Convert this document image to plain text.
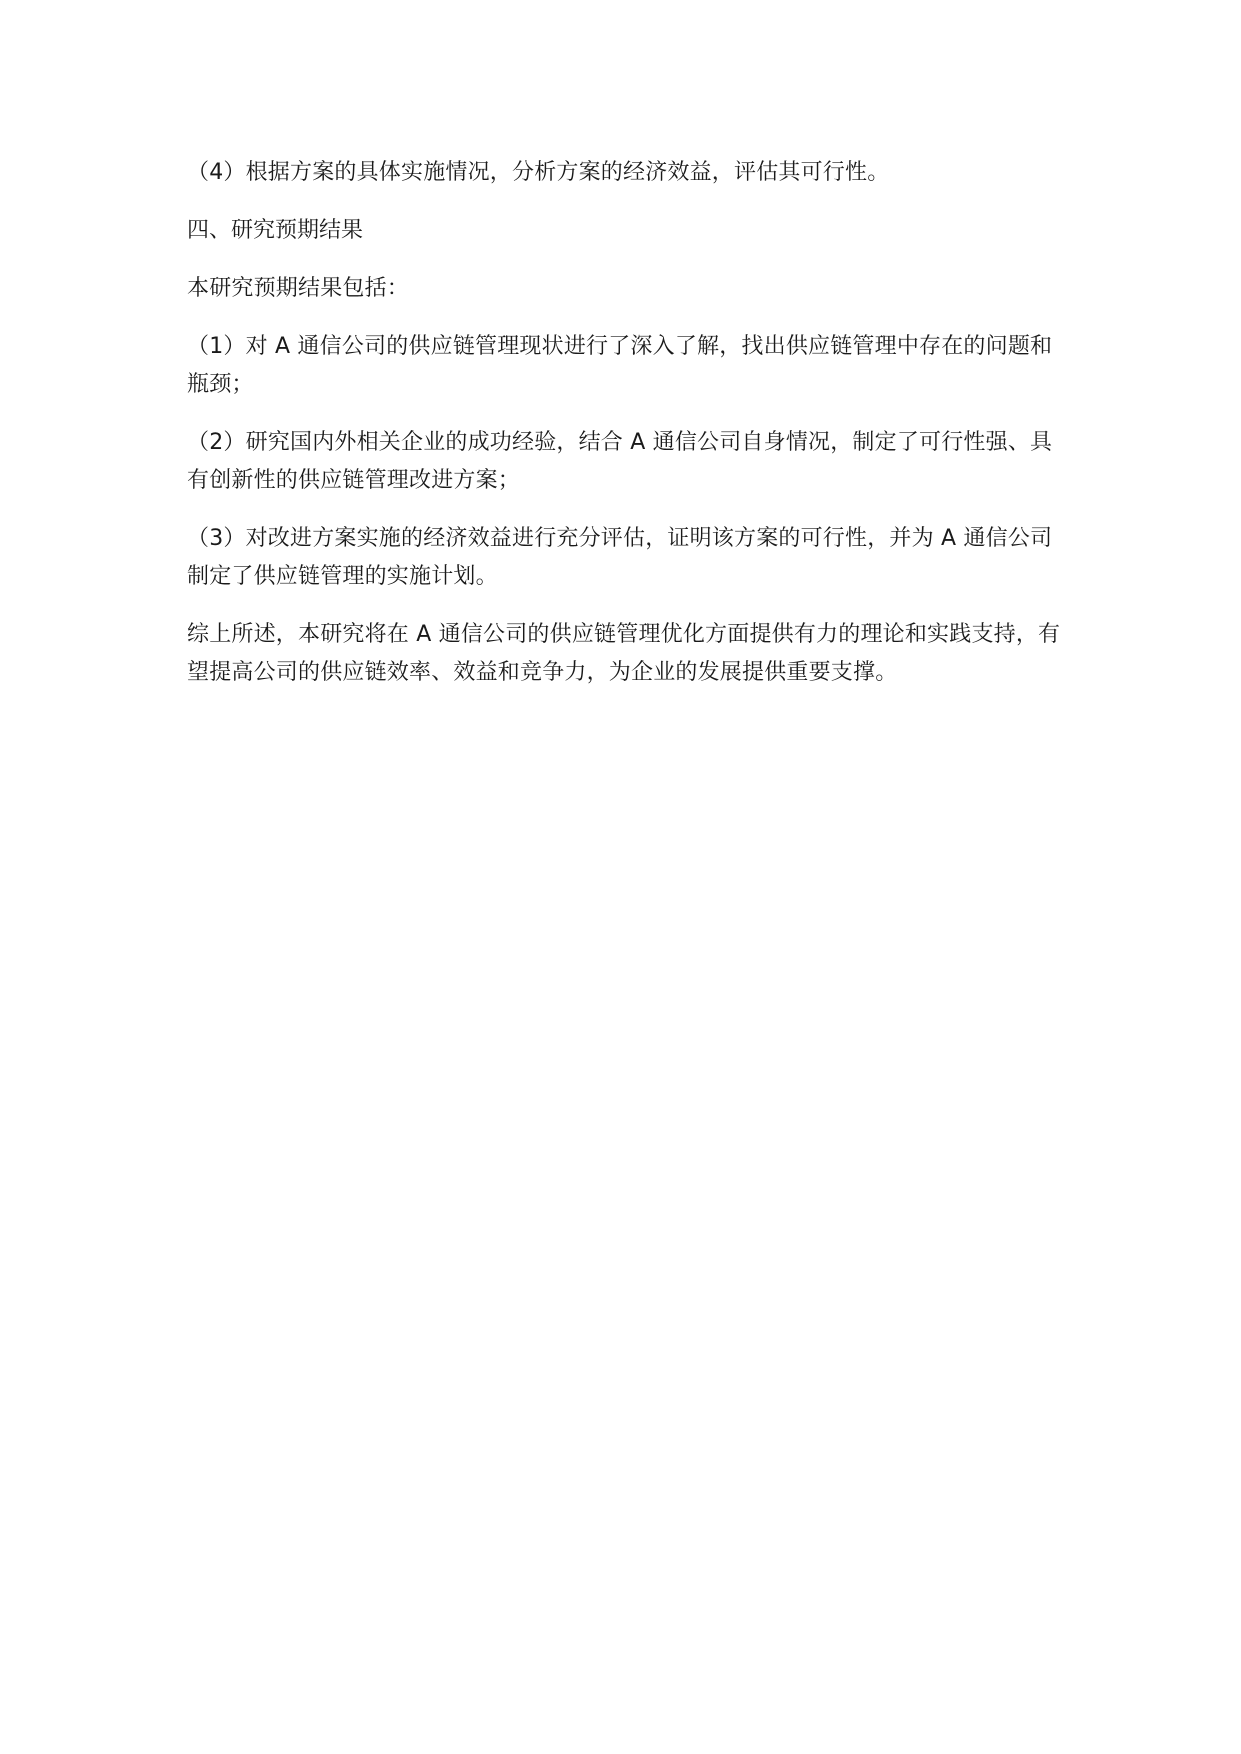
（4）根据方案的具体实施情况，分析方案的经济效益，评估其可行性。

四、研究预期结果

本研究预期结果包括：

（1）对 A 通信公司的供应链管理现状进行了深入了解，找出供应链管理中存在的问题和瓶颈；

（2）研究国内外相关企业的成功经验，结合 A 通信公司自身情况，制定了可行性强、具有创新性的供应链管理改进方案；

（3）对改进方案实施的经济效益进行充分评估，证明该方案的可行性，并为 A 通信公司制定了供应链管理的实施计划。

综上所述，本研究将在 A 通信公司的供应链管理优化方面提供有力的理论和实践支持，有望提高公司的供应链效率、效益和竞争力，为企业的发展提供重要支撑。
